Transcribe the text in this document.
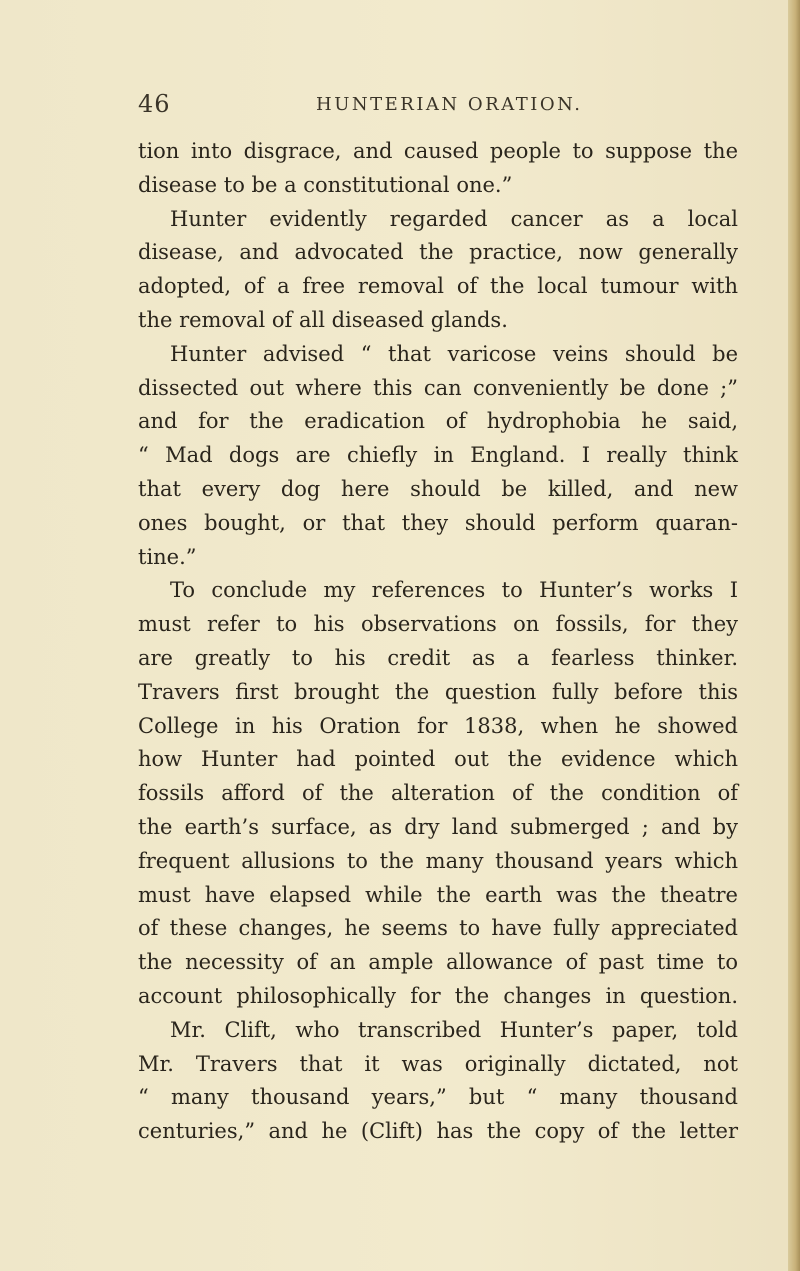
46	HUNTERIAN ORATION.
tion into disgrace, and caused people to suppose the
disease to be a constitutional one.”
Hunter evidently regarded cancer as a local
disease, and advocated the practice, now generally
adopted, of a free removal of the local tumour with
the removal of all diseased glands.
Hunter advised “ that varicose veins should be
dissected out where this can conveniently be done ;”
and for the eradication of hydrophobia he said,
“ Mad dogs are chiefly in England. I really think
that every dog here should be killed, and new
ones bought, or that they should perform quaran-
tine.”
To conclude my references to Hunter’s works I
must refer to his observations on fossils, for they
are greatly to his credit as a fearless thinker.
Travers first brought the question fully before this
College in his Oration for 1838, when he showed
how Hunter had pointed out the evidence which
fossils afford of the alteration of the condition of
the earth’s surface, as dry land submerged ; and by
frequent allusions to the many thousand years which
must have elapsed while the earth was the theatre
of these changes, he seems to have fully appreciated
the necessity of an ample allowance of past time to
account philosophically for the changes in question.
Mr. Clift, who transcribed Hunter’s paper, told
Mr. Travers that it was originally dictated, not
“ many thousand years,” but “ many thousand
centuries,” and he (Clift) has the copy of the letter
